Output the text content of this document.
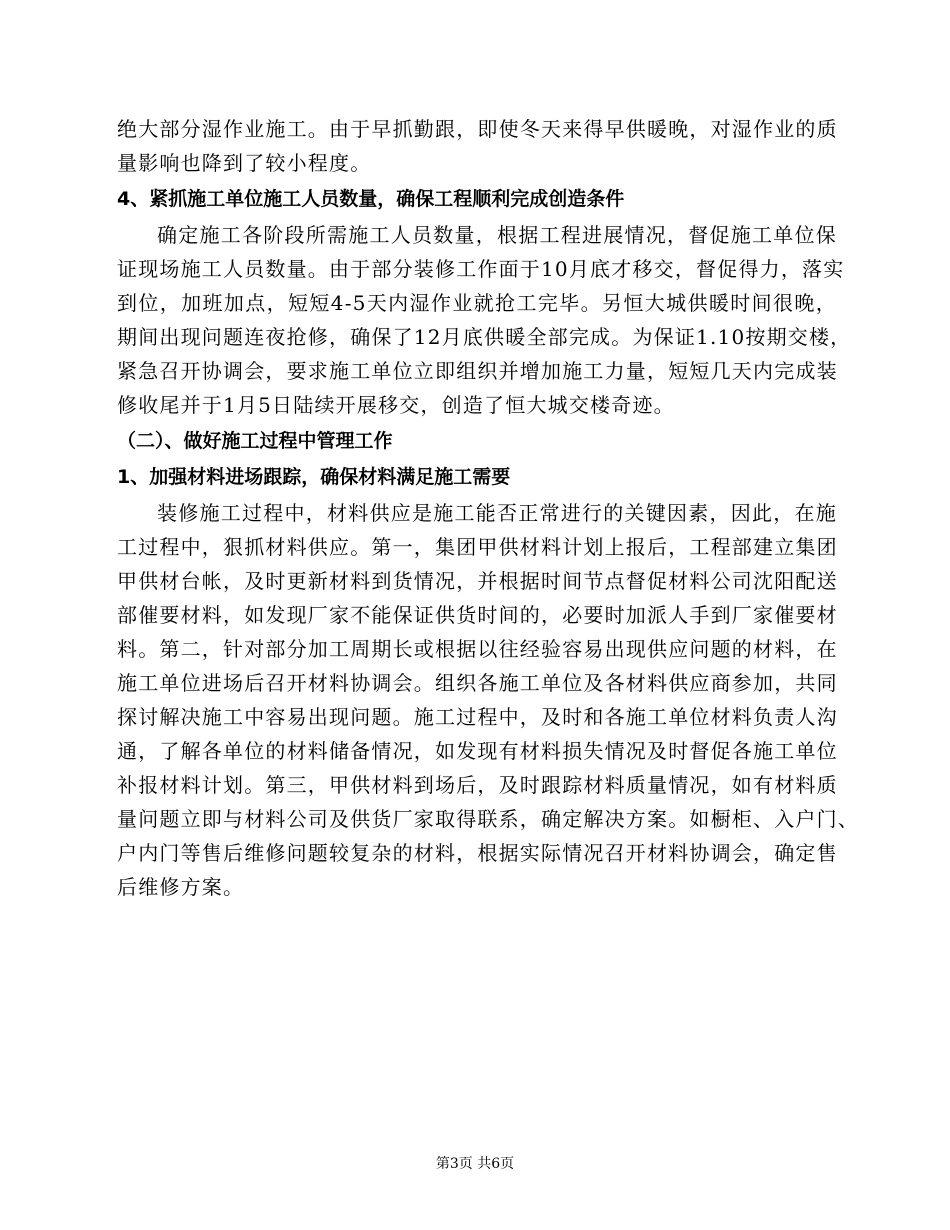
绝大部分湿作业施工。由于早抓勤跟，即使冬天来得早供暖晚，对湿作业的质
量影响也降到了较小程度。
4、紧抓施工单位施工人员数量，确保工程顺利完成创造条件
确定施工各阶段所需施工人员数量，根据工程进展情况，督促施工单位保
证现场施工人员数量。由于部分装修工作面于10月底才移交，督促得力，落实
到位，加班加点，短短4-5天内湿作业就抢工完毕。另恒大城供暖时间很晚，
期间出现问题连夜抢修，确保了12月底供暖全部完成。为保证1.10按期交楼，
紧急召开协调会，要求施工单位立即组织并增加施工力量，短短几天内完成装
修收尾并于1月5日陆续开展移交，创造了恒大城交楼奇迹。
（二）、做好施工过程中管理工作
1、加强材料进场跟踪，确保材料满足施工需要
装修施工过程中，材料供应是施工能否正常进行的关键因素，因此，在施
工过程中，狠抓材料供应。第一，集团甲供材料计划上报后，工程部建立集团
甲供材台帐，及时更新材料到货情况，并根据时间节点督促材料公司沈阳配送
部催要材料，如发现厂家不能保证供货时间的，必要时加派人手到厂家催要材
料。第二，针对部分加工周期长或根据以往经验容易出现供应问题的材料，在
施工单位进场后召开材料协调会。组织各施工单位及各材料供应商参加，共同
探讨解决施工中容易出现问题。施工过程中，及时和各施工单位材料负责人沟
通，了解各单位的材料储备情况，如发现有材料损失情况及时督促各施工单位
补报材料计划。第三，甲供材料到场后，及时跟踪材料质量情况，如有材料质
量问题立即与材料公司及供货厂家取得联系，确定解决方案。如橱柜、入户门、
户内门等售后维修问题较复杂的材料，根据实际情况召开材料协调会，确定售
后维修方案。
第3页 共6页
